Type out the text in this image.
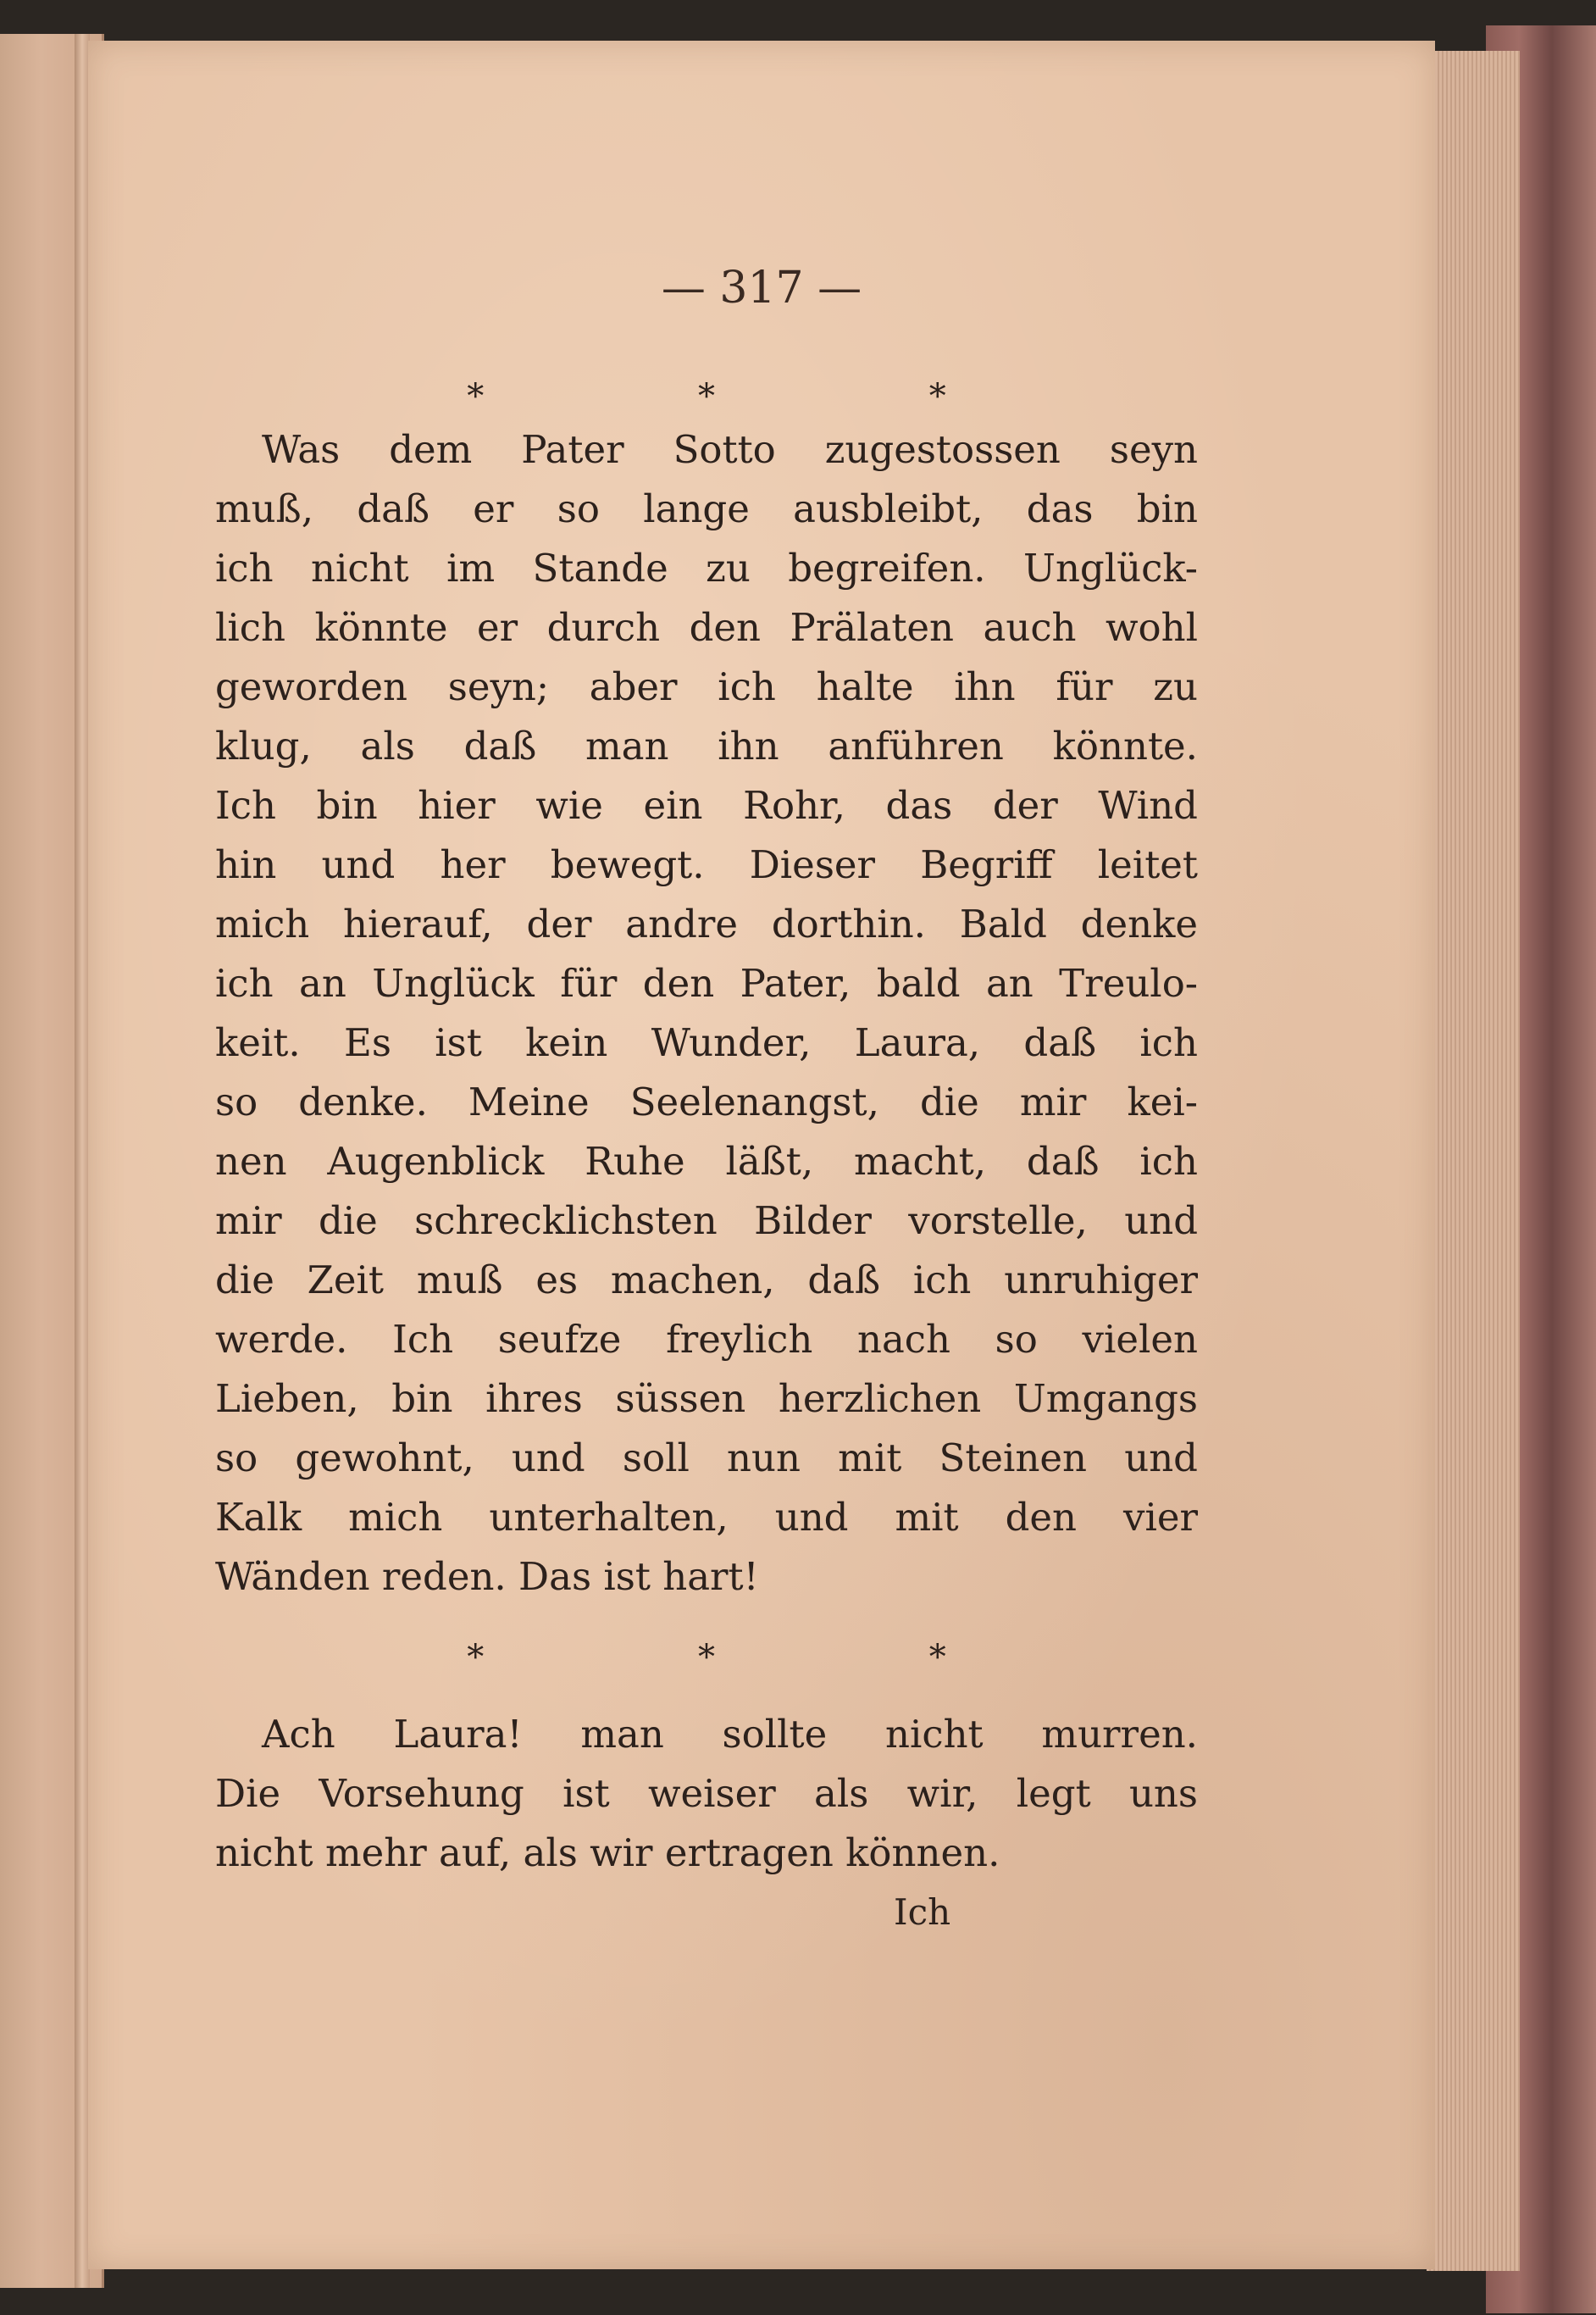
— 317 —
* * *
Was dem Pater Sotto zugestossen seyn
muß, daß er so lange ausbleibt, das bin
ich nicht im Stande zu begreifen. Unglück-
lich könnte er durch den Prälaten auch wohl
geworden seyn; aber ich halte ihn für zu
klug, als daß man ihn anführen könnte.
Ich bin hier wie ein Rohr, das der Wind
hin und her bewegt. Dieser Begriff leitet
mich hierauf, der andre dorthin. Bald denke
ich an Unglück für den Pater, bald an Treulo-
keit. Es ist kein Wunder, Laura, daß ich
so denke. Meine Seelenangst, die mir kei-
nen Augenblick Ruhe läßt, macht, daß ich
mir die schrecklichsten Bilder vorstelle, und
die Zeit muß es machen, daß ich unruhiger
werde. Ich seufze freylich nach so vielen
Lieben, bin ihres süssen herzlichen Umgangs
so gewohnt, und soll nun mit Steinen und
Kalk mich unterhalten, und mit den vier
Wänden reden. Das ist hart!
* * *
Ach Laura! man sollte nicht murren.
Die Vorsehung ist weiser als wir, legt uns
nicht mehr auf, als wir ertragen können.
Ich
